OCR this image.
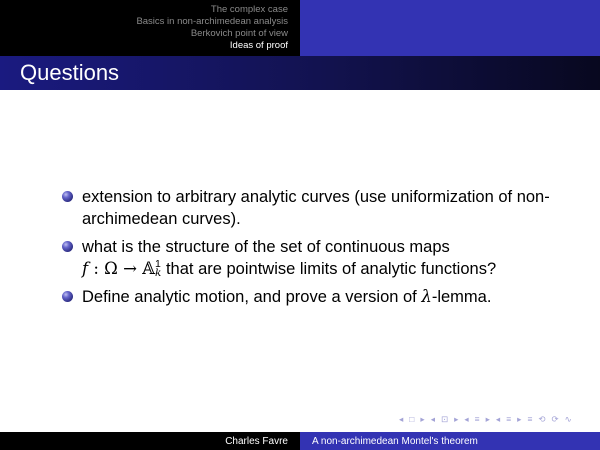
The complex case
Basics in non-archimedean analysis
Berkovich point of view
Ideas of proof
Questions
extension to arbitrary analytic curves (use uniformization of non-archimedean curves).
what is the structure of the set of continuous maps
f : Ω → 𝔸 1
k that are pointwise limits of analytic functions?
Define analytic motion, and prove a version of λ-lemma.
◂ □ ▸ ◂ ⊡ ▸ ◂ ≡ ▸ ◂ ≡ ▸ ≡ ⟲ ⟳ ∿
Charles Favre	A non-archimedean Montel's theorem
